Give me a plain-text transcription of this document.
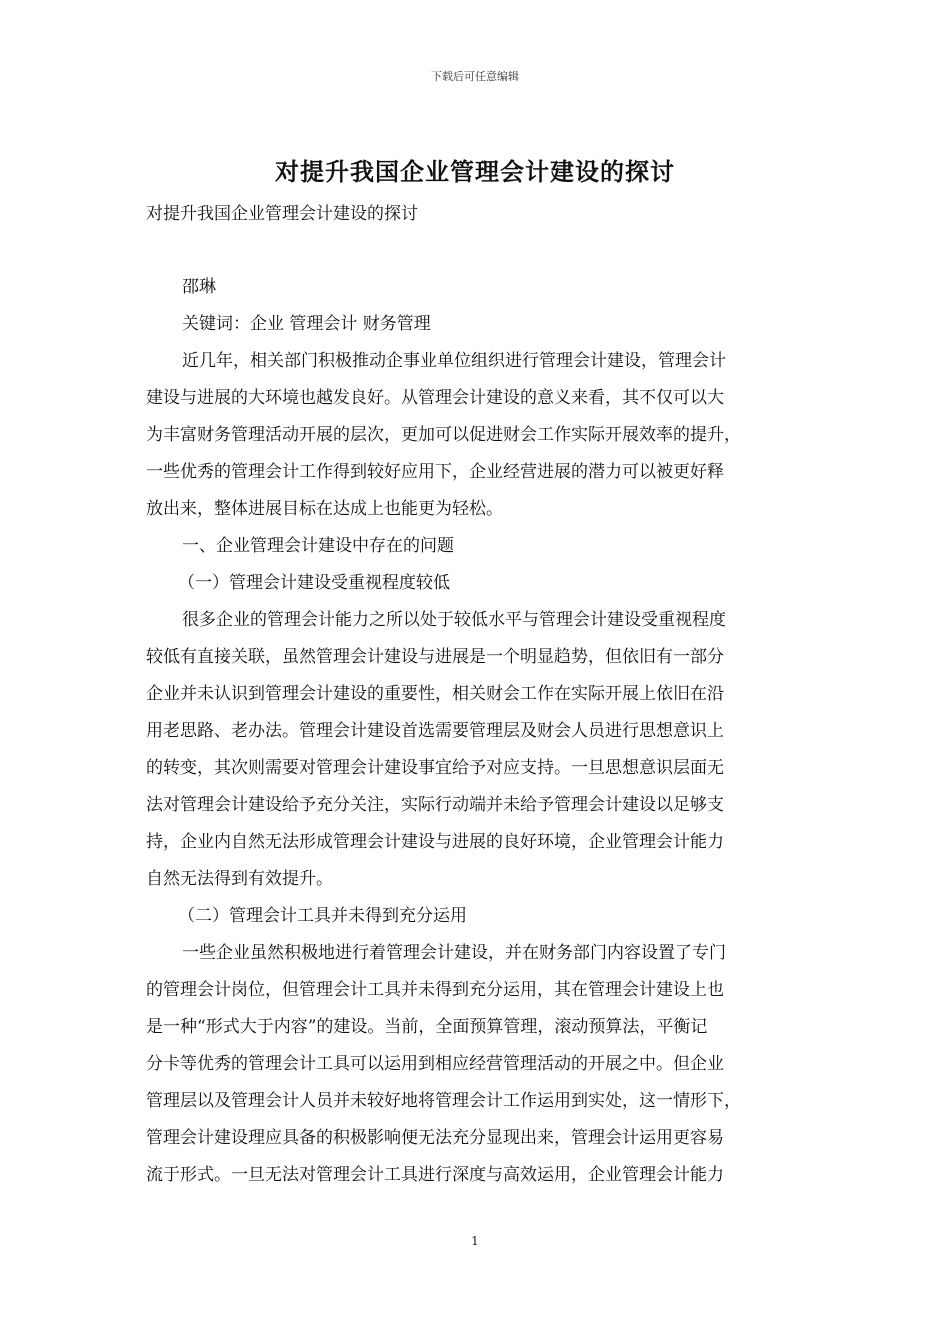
下载后可任意编辑
对提升我国企业管理会计建设的探讨

对提升我国企业管理会计建设的探讨

邵琳

关键词：企业 管理会计 财务管理

近几年，相关部门积极推动企事业单位组织进行管理会计建设，管理会计
建设与进展的大环境也越发良好。从管理会计建设的意义来看，其不仅可以大
为丰富财务管理活动开展的层次，更加可以促进财会工作实际开展效率的提升，
一些优秀的管理会计工作得到较好应用下，企业经营进展的潜力可以被更好释
放出来，整体进展目标在达成上也能更为轻松。

一、企业管理会计建设中存在的问题

（一）管理会计建设受重视程度较低

很多企业的管理会计能力之所以处于较低水平与管理会计建设受重视程度
较低有直接关联，虽然管理会计建设与进展是一个明显趋势，但依旧有一部分
企业并未认识到管理会计建设的重要性，相关财会工作在实际开展上依旧在沿
用老思路、老办法。管理会计建设首选需要管理层及财会人员进行思想意识上
的转变，其次则需要对管理会计建设事宜给予对应支持。一旦思想意识层面无
法对管理会计建设给予充分关注，实际行动端并未给予管理会计建设以足够支
持，企业内自然无法形成管理会计建设与进展的良好环境，企业管理会计能力
自然无法得到有效提升。

（二）管理会计工具并未得到充分运用

一些企业虽然积极地进行着管理会计建设，并在财务部门内容设置了专门
的管理会计岗位，但管理会计工具并未得到充分运用，其在管理会计建设上也
是一种“形式大于内容”的建设。当前，全面预算管理，滚动预算法，平衡记
分卡等优秀的管理会计工具可以运用到相应经营管理活动的开展之中。但企业
管理层以及管理会计人员并未较好地将管理会计工作运用到实处，这一情形下，
管理会计建设理应具备的积极影响便无法充分显现出来，管理会计运用更容易
流于形式。一旦无法对管理会计工具进行深度与高效运用，企业管理会计能力
1
